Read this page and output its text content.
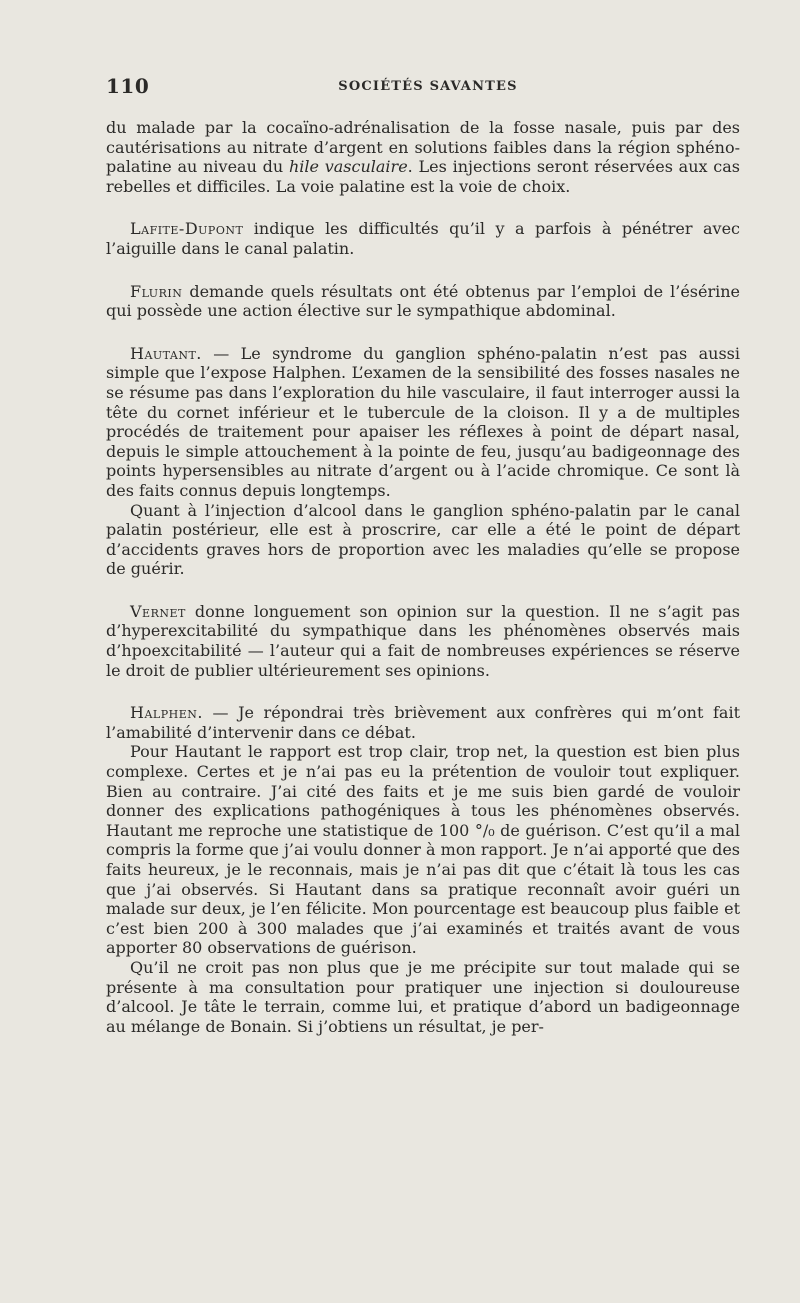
110	SOCIÉTÉS SAVANTES

du malade par la cocaïno-adrénalisation de la fosse nasale, puis par des cautérisations au nitrate d’argent en solutions faibles dans la région sphéno-palatine au niveau du hile vasculaire. Les injections seront réservées aux cas rebelles et difficiles. La voie palatine est la voie de choix.

Lafite-Dupont indique les difficultés qu’il y a parfois à pénétrer avec l’aiguille dans le canal palatin.

Flurin demande quels résultats ont été obtenus par l’emploi de l’ésérine qui possède une action élective sur le sympathique abdominal.

Hautant. — Le syndrome du ganglion sphéno-palatin n’est pas aussi simple que l’expose Halphen. L’examen de la sensibilité des fosses nasales ne se résume pas dans l’exploration du hile vasculaire, il faut interroger aussi la tête du cornet inférieur et le tubercule de la cloison. Il y a de multiples procédés de traitement pour apaiser les réflexes à point de départ nasal, depuis le simple attouchement à la pointe de feu, jusqu’au badigeonnage des points hypersensibles au nitrate d’argent ou à l’acide chromique. Ce sont là des faits connus depuis longtemps.

Quant à l’injection d’alcool dans le ganglion sphéno-palatin par le canal palatin postérieur, elle est à proscrire, car elle a été le point de départ d’accidents graves hors de proportion avec les maladies qu’elle se propose de guérir.

Vernet donne longuement son opinion sur la question. Il ne s’agit pas d’hyperexcitabilité du sympathique dans les phénomènes observés mais d’hpoexcitabilité — l’auteur qui a fait de nombreuses expériences se réserve le droit de publier ultérieurement ses opinions.

Halphen. — Je répondrai très brièvement aux confrères qui m’ont fait l’amabilité d’intervenir dans ce débat.

Pour Hautant le rapport est trop clair, trop net, la question est bien plus complexe. Certes et je n’ai pas eu la prétention de vouloir tout expliquer. Bien au contraire. J’ai cité des faits et je me suis bien gardé de vouloir donner des explications pathogéniques à tous les phénomènes observés. Hautant me reproche une statistique de 100 °/₀ de guérison. C’est qu’il a mal compris la forme que j’ai voulu donner à mon rapport. Je n’ai apporté que des faits heureux, je le reconnais, mais je n’ai pas dit que c’était là tous les cas que j’ai observés. Si Hautant dans sa pratique reconnaît avoir guéri un malade sur deux, je l’en félicite. Mon pourcentage est beaucoup plus faible et c’est bien 200 à 300 malades que j’ai examinés et traités avant de vous apporter 80 observations de guérison.

Qu’il ne croit pas non plus que je me précipite sur tout malade qui se présente à ma consultation pour pratiquer une injection si douloureuse d’alcool. Je tâte le terrain, comme lui, et pratique d’abord un badigeonnage au mélange de Bonain. Si j’obtiens un résultat, je per-
